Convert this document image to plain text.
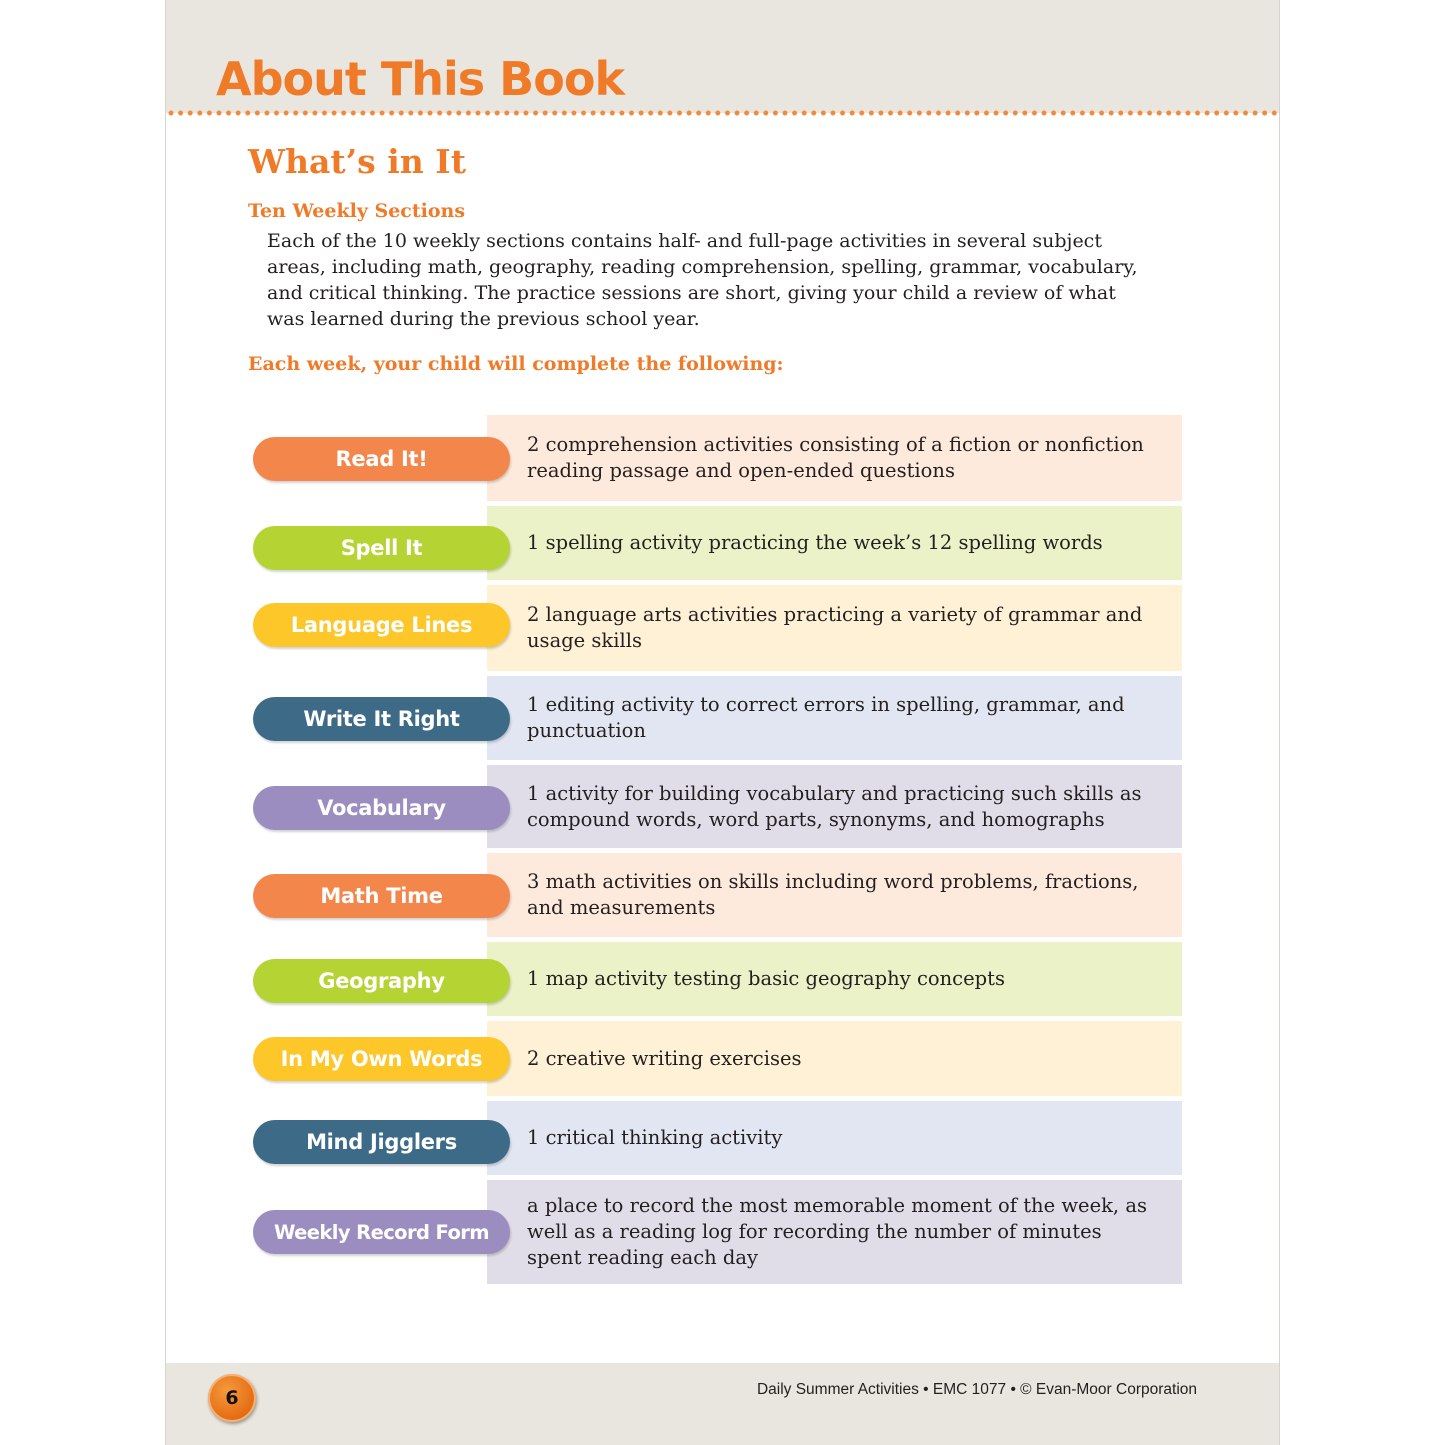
About This Book
What’s in It
Ten Weekly Sections

Each of the 10 weekly sections contains half- and full-page activities in several subject areas, including math, geography, reading comprehension, spelling, grammar, vocabulary, and critical thinking. The practice sessions are short, giving your child a review of what was learned during the previous school year.

Each week, your child will complete the following:

2 comprehension activities consisting of a fiction or nonfiction reading passage and open-ended questions
Read It!
1 spelling activity practicing the week’s 12 spelling words
Spell It
2 language arts activities practicing a variety of grammar and usage skills
Language Lines
1 editing activity to correct errors in spelling, grammar, and punctuation
Write It Right
1 activity for building vocabulary and practicing such skills as compound words, word parts, synonyms, and homographs
Vocabulary
3 math activities on skills including word problems, fractions, and measurements
Math Time
1 map activity testing basic geography concepts
Geography
2 creative writing exercises
In My Own Words
1 critical thinking activity
Mind Jigglers
a place to record the most memorable moment of the week, as well as a reading log for recording the number of minutes spent reading each day
Weekly Record Form
6	Daily Summer Activities • EMC 1077 • © Evan-Moor Corporation
